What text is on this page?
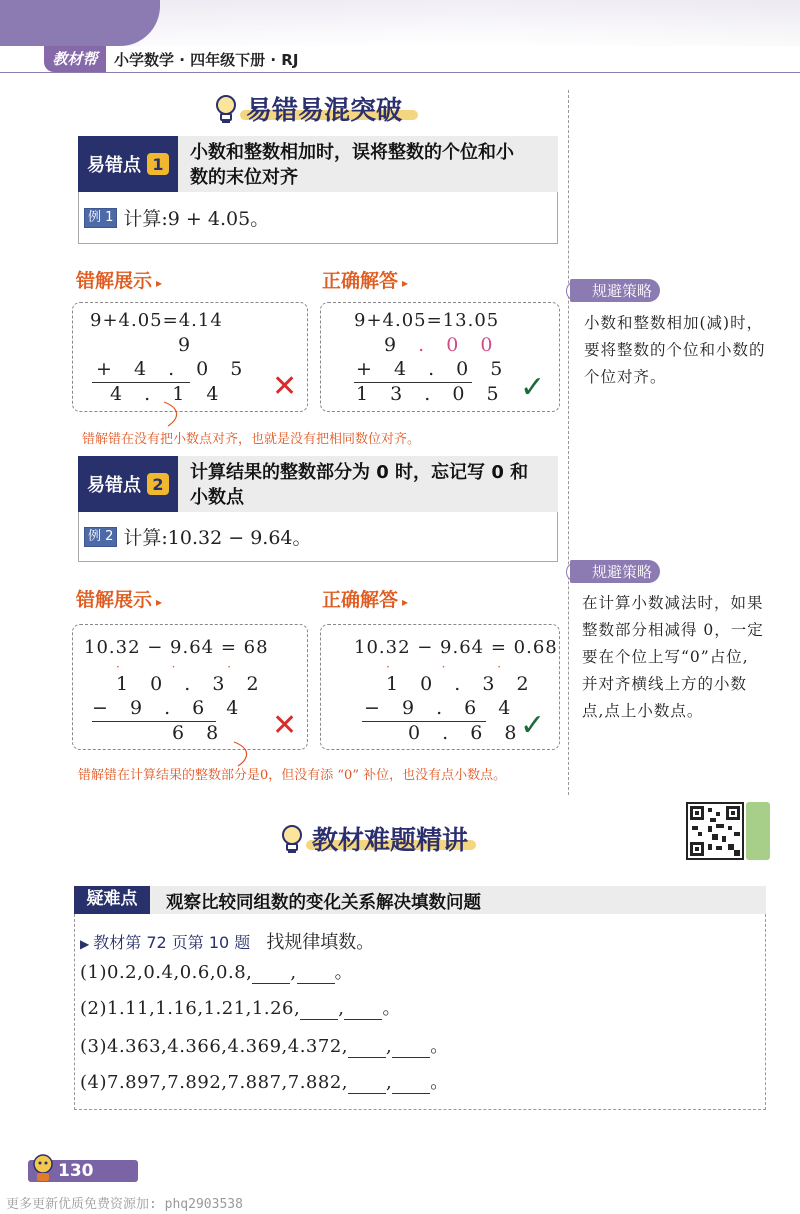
教材帮	小学数学 · 四年级下册 · RJ
易错易混突破
易错点 1
小数和整数相加时，误将整数的个位和小
数的末位对齐
例 1 计算:9 + 4.05。
错解展示 ▸	正确解答 ▸
9+4.05=4.14
9
+ 4 . 0 5
4 . 1 4 ✕
9+4.05=13.05
9 . 0 0
+ 4 . 0 5
1 3 . 0 5 ✓
错解错在没有把小数点对齐，也就是没有把相同数位对齐。
规避策略
小数和整数相加(减)时，
要将整数的个位和小数的
个位对齐。
易错点 2
计算结果的整数部分为 0 时，忘记写 0 和
小数点
例 2 计算:10.32 − 9.64。
错解展示 ▸	正确解答 ▸
10.32 − 9.64 = 68
· · ·
1 0 . 3 2
− 9 . 6 4
6 8 ✕
10.32 − 9.64 = 0.68
· · ·
1 0 . 3 2
− 9 . 6 4
0 . 6 8
✓
错解错在计算结果的整数部分是0，但没有添 “0” 补位，也没有点小数点。
规避策略
在计算小数减法时，如果
整数部分相减得 0，一定
要在个位上写“0”占位,
并对齐横线上方的小数
点,点上小数点。
教材难题精讲
疑难点	观察比较同组数的变化关系解决填数问题
▶ 教材第 72 页第 10 题 找规律填数。
(1)0.2,0.4,0.6,0.8, , 。
(2)1.11,1.16,1.21,1.26, , 。
(3)4.363,4.366,4.369,4.372, , 。
(4)7.897,7.892,7.887,7.882, , 。
130
更多更新优质免费资源加: phq2903538
